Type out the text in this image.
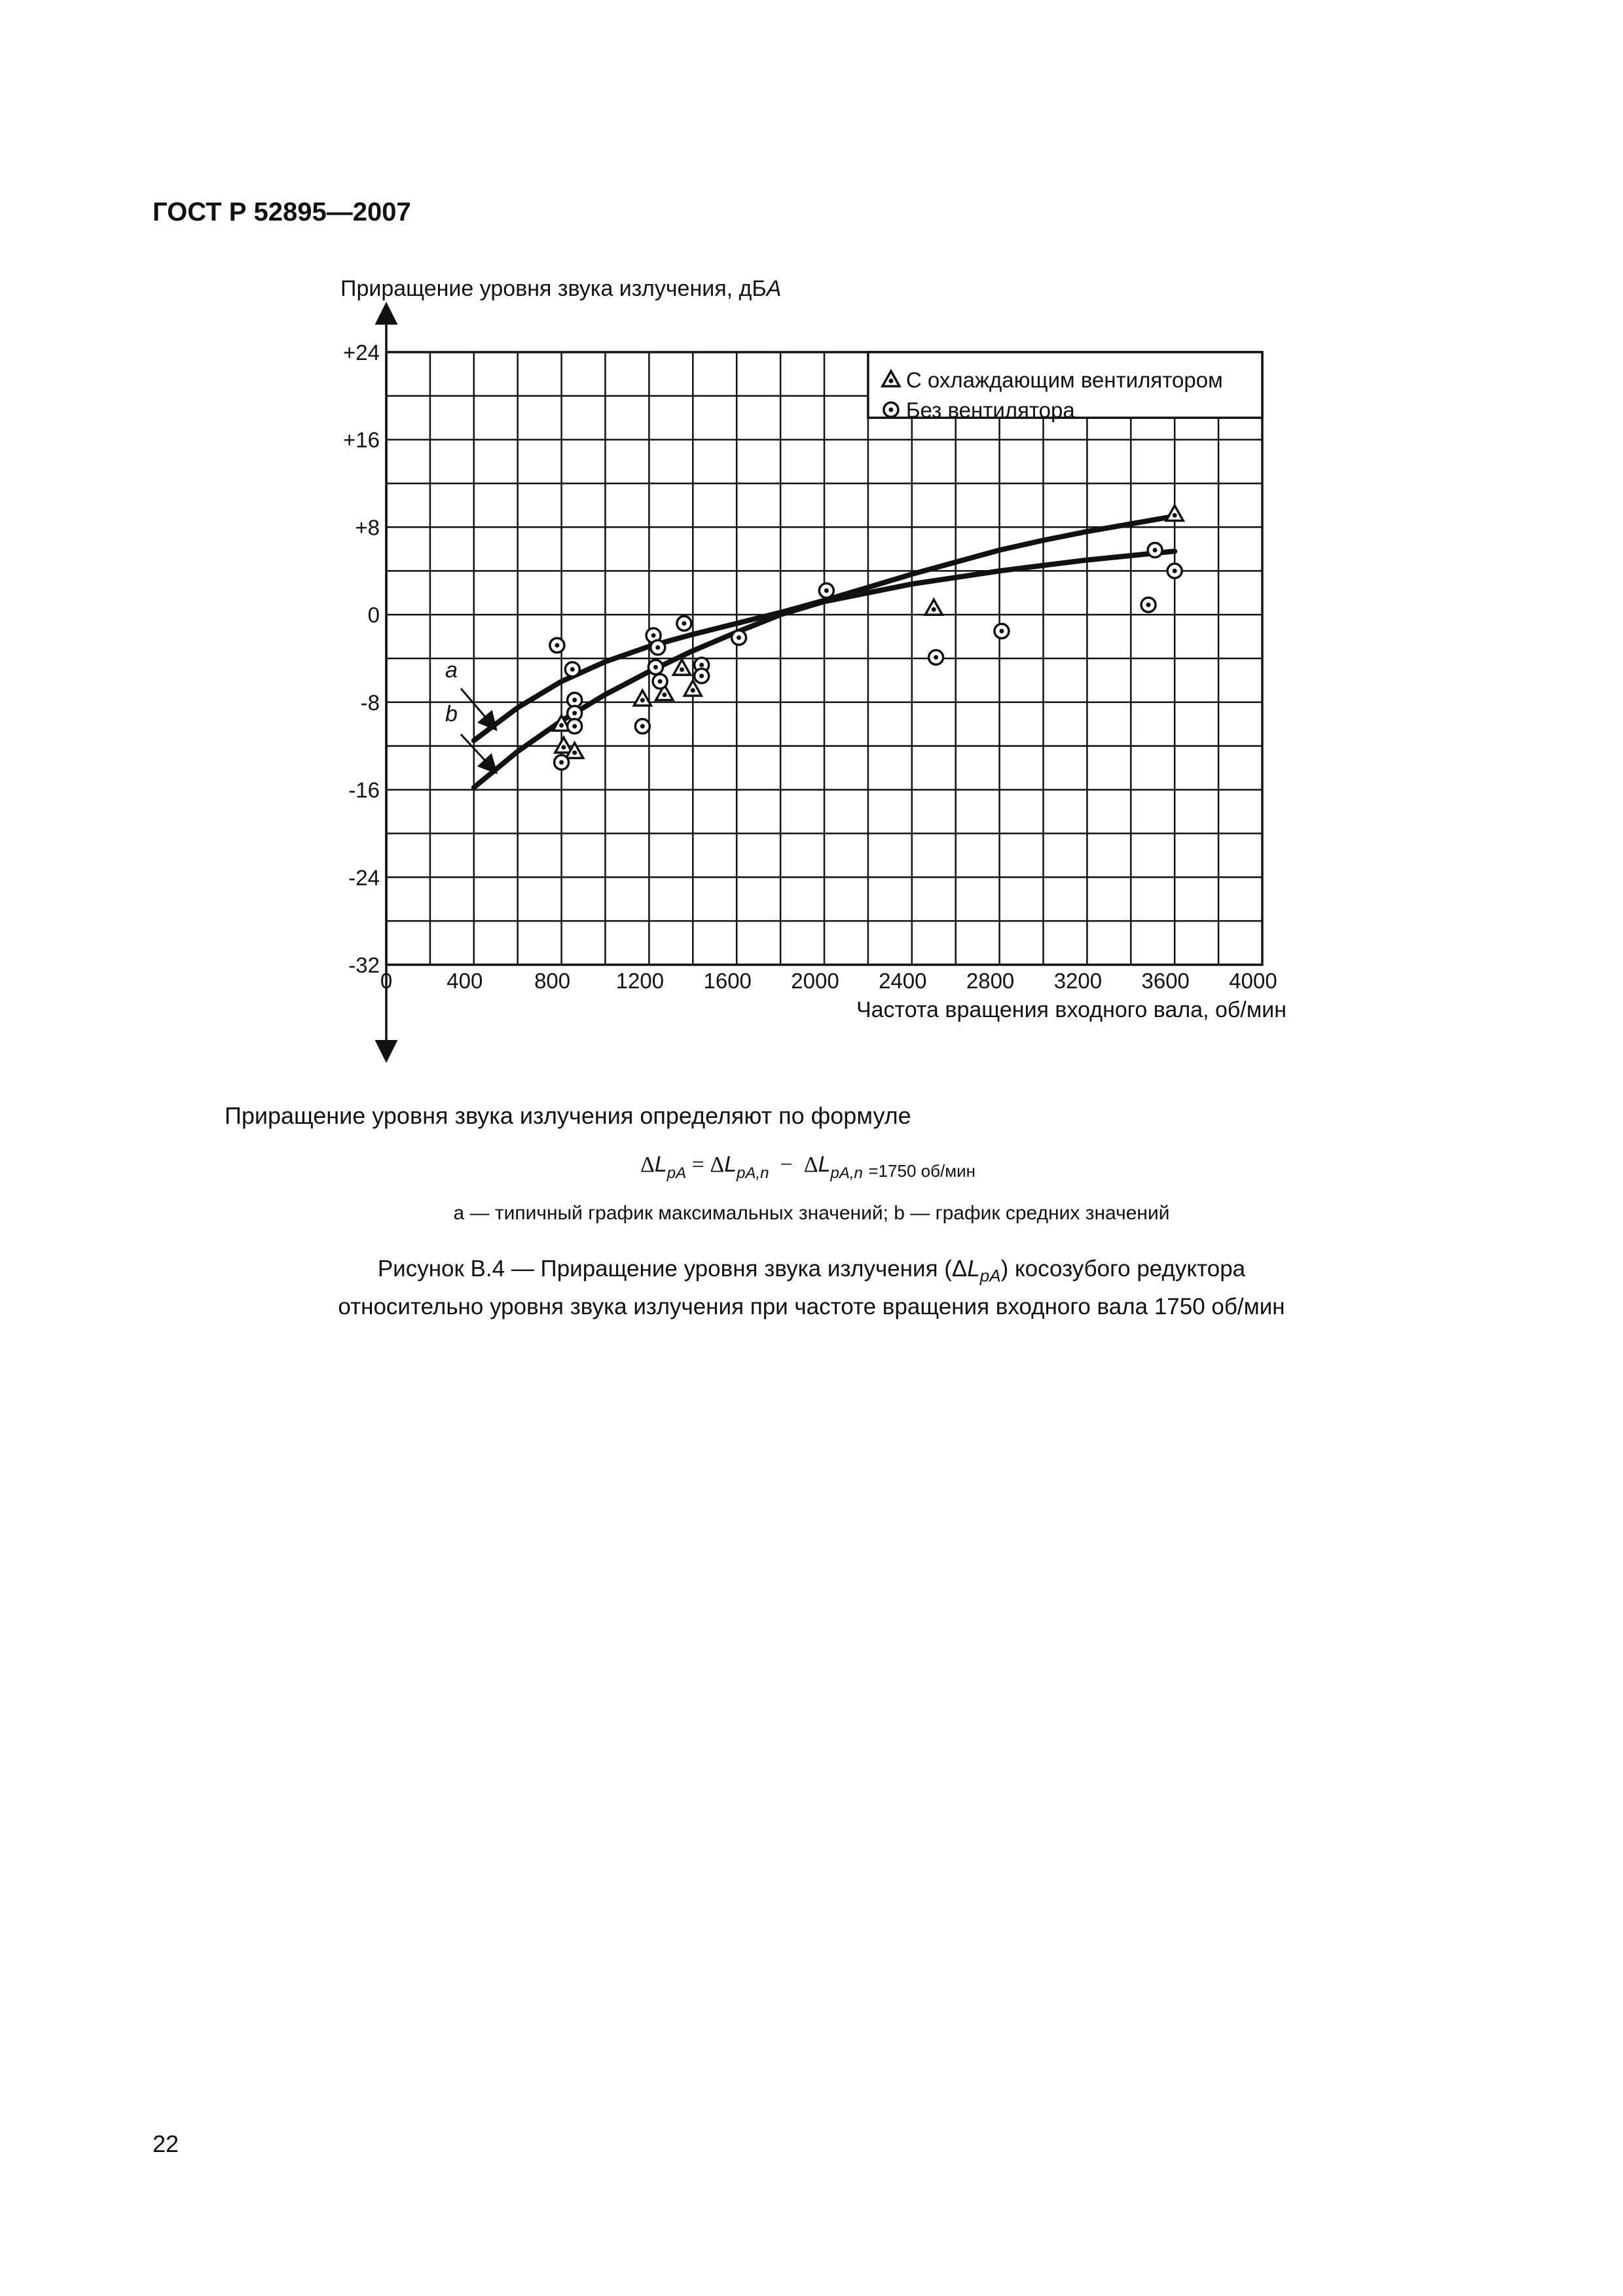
ГОСТ Р 52895—2007
Приращение уровня звука излучения, дБA
Частота вращения входного вала, об/мин
+24
+16
+8
0
-8
-16
-24
-32
0	400 800 1200 1600 2000 2400 2800 3200 3600 4000
С охлаждающим вентилятором
Без вентилятора
a
b
Приращение уровня звука излучения определяют по формуле
$\Delta L_{pA} = \Delta L_{pA,n} - \Delta L_{pA,n}$ $_{=1750 об/мин}$
a — типичный график максимальных значений; b — график средних значений
Рисунок В.4 — Приращение уровня звука излучения $(\Delta L_{pA})$ косозубого редуктора
относительно уровня звука излучения при частоте вращения входного вала 1750 об/мин
22
